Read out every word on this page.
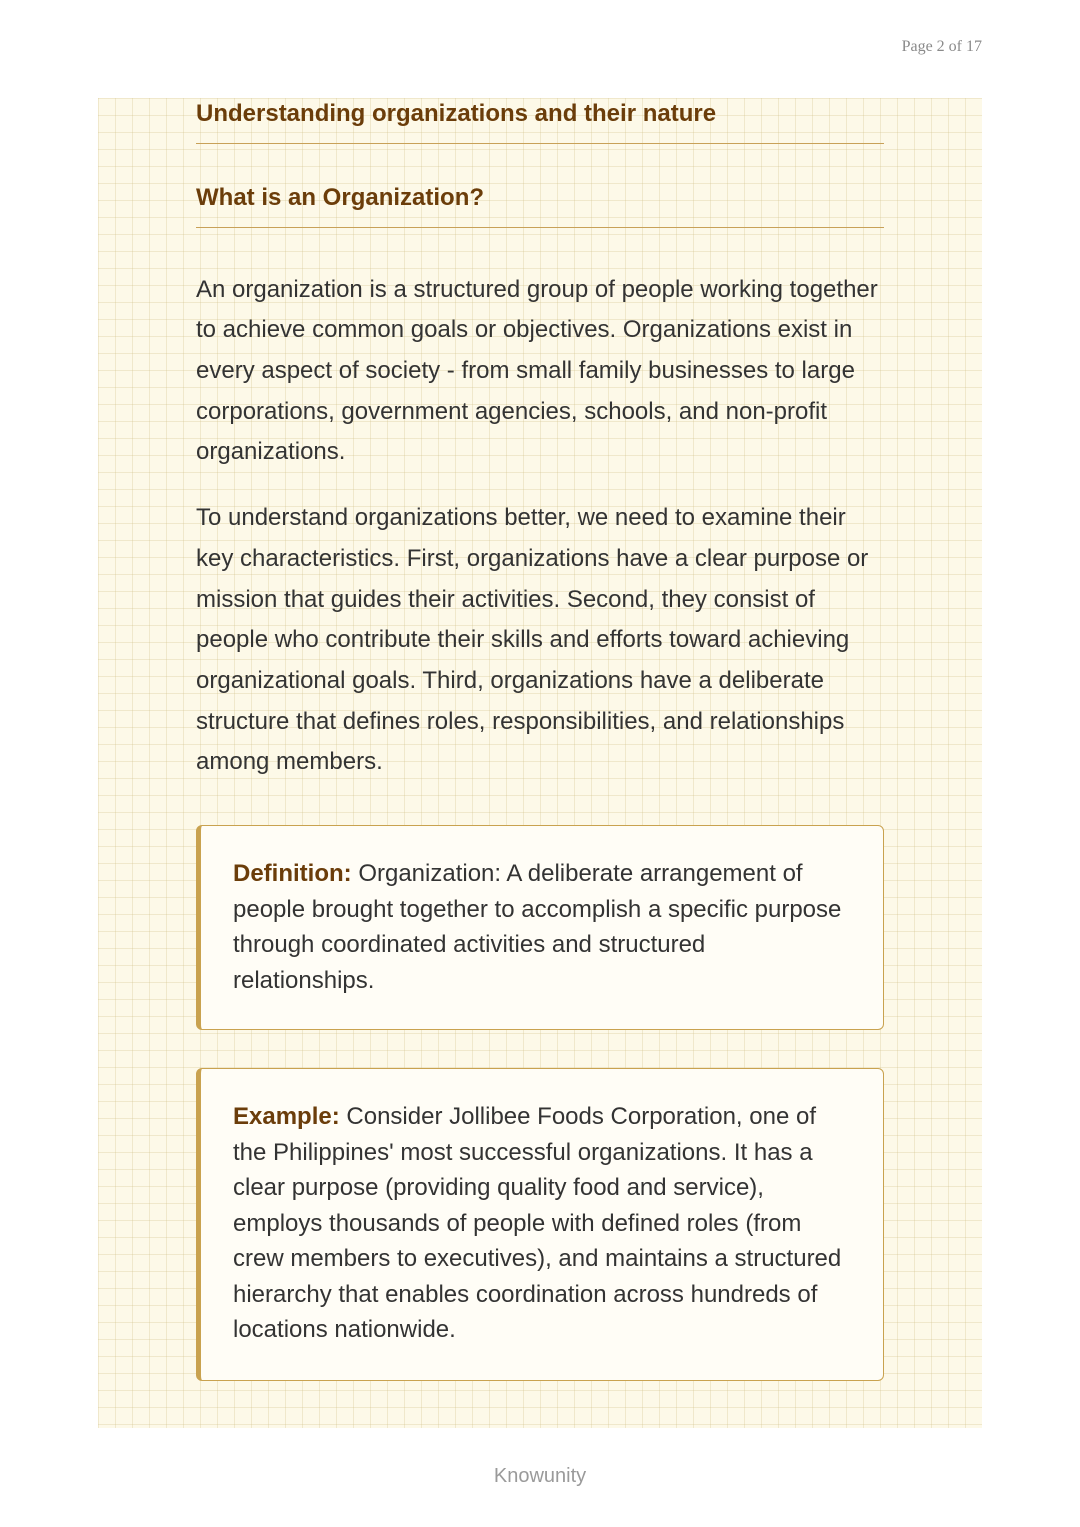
Page 2 of 17
Understanding organizations and their nature
What is an Organization?

An organization is a structured group of people working together to achieve common goals or objectives. Organizations exist in every aspect of society - from small family businesses to large corporations, government agencies, schools, and non-profit organizations.

To understand organizations better, we need to examine their key characteristics. First, organizations have a clear purpose or mission that guides their activities. Second, they consist of people who contribute their skills and efforts toward achieving organizational goals. Third, organizations have a deliberate structure that defines roles, responsibilities, and relationships among members.

Definition: Organization: A deliberate arrangement of people brought together to accomplish a specific purpose through coordinated activities and structured relationships.
Example: Consider Jollibee Foods Corporation, one of the Philippines' most successful organizations. It has a clear purpose (providing quality food and service), employs thousands of people with defined roles (from crew members to executives), and maintains a structured hierarchy that enables coordination across hundreds of locations nationwide.
Knowunity
